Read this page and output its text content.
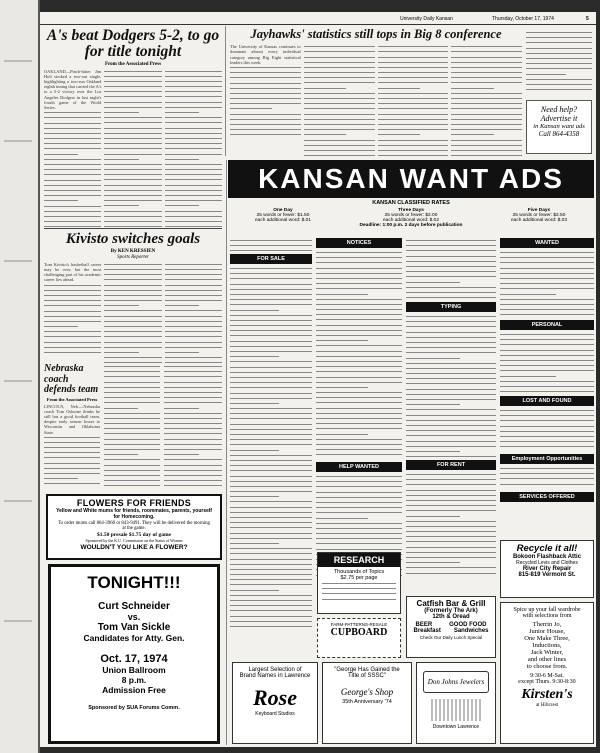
University Daily Kansan	Thursday, October 17, 1974	5
A's beat Dodgers 5-2, to go for title tonight
From the Associated Press
OAKLAND—Pinch-hitter Jim Holt stroked a two-out single, highlighting a two-run Oakland eighth inning that carried the A's to a 5-2 victory over the Los Angeles Dodgers in last night's fourth game of the World Series.
Kivisto switches goals
By KEN KRESSIEN
Sports Reporter
Tom Kivisto's basketball career may be over, but the most challenging part of his academic career lies ahead.
Nebraska coach defends team
From the Associated Press
LINCOLN, Neb.—Nebraska coach Tom Osborne thinks he still has a good football team, despite early season losses to Wisconsin and Oklahoma State.
FLOWERS FOR FRIENDS
Yellow and White mums for friends, roommates, parents, yourself for Homecoming.
To order mums call 864-3960 or 843-9491. They will be delivered the morning at the game.
$1.50 presale $1.75 day of game
Sponsored by the K.U. Commission on the Status of Women
WOULDN'T YOU LIKE A FLOWER?
TONIGHT!!!
Curt Schneider
vs.
Tom Van Sickle
Candidates for Atty. Gen.
Oct. 17, 1974
Union Ballroom
8 p.m.
Admission Free
Sponsored by SUA Forums Comm.
Jayhawks' statistics still tops in Big 8 conference
The University of Kansas continues to dominate almost every individual category among Big Eight statistical leaders this week.
Need help?
Advertise it
in Kansan want ads
Call 864-4358
KANSAN WANT ADS
KANSAN CLASSIFIED RATES
One Day
25 words or fewer: $1.50
each additional word: $.01
Three Days
25 words or fewer: $2.00
each additional word: $.02
Deadline: 1:00 p.m. 2 days before publication
Five Days
25 words or fewer: $2.50
each additional word: $.03
FOR SALE
NOTICES
HELP WANTED
TYPING
FOR RENT
WANTED
PERSONAL
LOST AND FOUND
Employment Opportunities
SERVICES OFFERED
RESEARCH
Thousands of Topics
$2.75 per page
FARM-PATTERNS-RESALE
CUPBOARD
Catfish Bar & Grill
(Formerly The Ark)
12th & Oread
BEER	GOOD FOOD
Breakfast Sandwiches
Check Our Daily Lunch Special
Recycle it all!
Bokoon Flashback Attic
Recycled Levis and Clothes
River City Repair
815-819 Vermont St.
Spice up your fall wardrobe
with selections from
Therrin Jo,
Junior House,
One Make Three,
Inductions,
Jack Winter,
and other lines
to choose from.
9:30-6 M-Sat.
except Thurs. 9:30-8:30
Kirsten's
at Hillcrest
Largest Selection of
Brand Names in Lawrence
Rose
Keyboard Studios
"George Has Gained the
Title of SSSC"
George's Shop
35th Anniversary '74
Don Johns Jewelers
Downtown Lawrence
